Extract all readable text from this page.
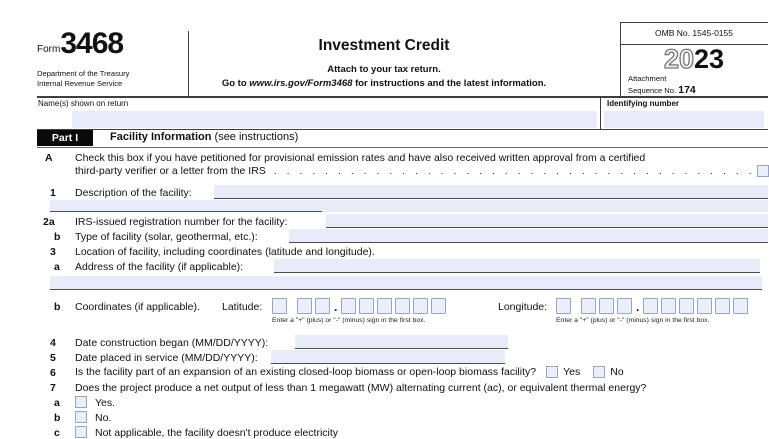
Form 3468
Department of the Treasury
Internal Revenue Service
Investment Credit
Attach to your tax return.
Go to www.irs.gov/Form3468 for instructions and the latest information.
OMB No. 1545-0155
2023
Attachment
Sequence No. 174
Name(s) shown on return	Identifying number
Part I	Facility Information (see instructions)
A Check this box if you have petitioned for provisional emission rates and have also received written approval from a certified
third-party verifier or a letter from the IRS . . . . . . . . . . . . . . . . . . . . . . . . . . . . . . . . . . . . . .
1 Description of the facility:
2a IRS-issued registration number for the facility:
b Type of facility (solar, geothermal, etc.):
3 Location of facility, including coordinates (latitude and longitude).
a Address of the facility (if applicable):
b Coordinates (if applicable). Latitude:	.
Enter a "+" (plus) or "-" (minus) sign in the first box.
Longitude:	.
Enter a "+" (plus) or "-" (minus) sign in the first box.
4 Date construction began (MM/DD/YYYY):
5 Date placed in service (MM/DD/YYYY):
6 Is the facility part of an expansion of an existing closed-loop biomass or open-loop biomass facility?	Yes	No
7 Does the project produce a net output of less than 1 megawatt (MW) alternating current (ac), or equivalent thermal energy?
a	Yes.
b	No.
c	Not applicable, the facility doesn't produce electricity
